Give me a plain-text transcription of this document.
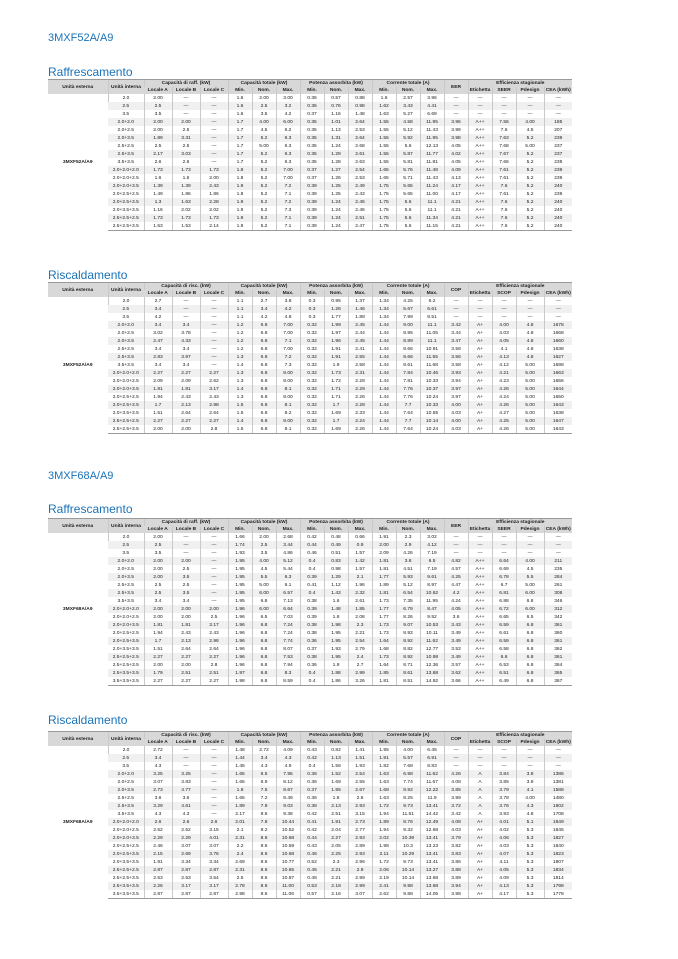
3MXF52A/A9
Raffrescamento
Unità esterna	Unità interna	Capacità di raff. (kW)			Capacità totale (kW)			Potenza assorbita (kW)			Corrente totale (A)			EER	Efficienza stagionale			
		Locale A	Locale B	Locale C	Min.	Nom.	Max.	Min.	Nom.	Max.	Min.	Nom.	Max.		Etichetta	SEER	Pdesign	CEA (kWh)
3MXF52A/A9	2.0	2.00	—	—	1.6	2.00	3.00	0.36	0.57	0.88	1.6	2.57	3.96	—	—	—	—	—
	2.5	2.5	—	—	1.6	2.5	3.2	0.36	0.76	0.98	1.62	3.43	4.41	—	—	—	—	—
	3.5	3.5	—	—	1.6	3.5	4.2	0.37	1.16	1.48	1.63	5.27	6.69	—	—	—	—	—
	2.0+2.0	2.00	2.00	—	1.7	4.00	6.00	0.35	1.01	2.64	1.55	4.58	11.95	3.96	A++	7.56	4.00	185
	2.0+2.5	2.00	2.5	—	1.7	4.5	6.2	0.35	1.13	2.53	1.55	5.12	11.43	3.99	A++	7.6	4.5	207
	2.0+3.5	1.89	3.31	—	1.7	5.2	6.3	0.35	1.31	2.64	1.55	5.92	11.95	3.98	A++	7.63	5.2	239
	2.5+2.5	2.5	2.5	—	1.7	5.00	6.3	0.35	1.24	2.68	1.55	5.6	12.13	4.05	A++	7.68	5.00	237
	2.5+3.5	2.17	3.03	—	1.7	5.2	6.3	0.35	1.29	2.61	1.55	5.87	11.77	4.02	A++	7.67	5.2	237
	3.5+3.5	2.6	2.6	—	1.7	5.2	6.3	0.35	1.28	2.63	1.55	5.81	11.81	4.05	A++	7.66	5.2	238
	2.0+2.0+2.0	1.73	1.73	1.73	1.8	5.2	7.00	0.37	1.27	2.54	1.65	5.76	11.48	4.09	A++	7.61	5.2	239
	2.0+2.0+2.5	1.6	1.6	2.00	1.8	5.2	7.00	0.37	1.26	2.53	1.65	5.71	11.43	4.13	A++	7.61	5.2	239
	2.0+2.0+3.5	1.39	1.39	2.43	1.9	5.2	7.2	0.39	1.25	2.49	1.75	5.65	11.24	4.17	A++	7.6	5.2	240
	2.0+2.5+2.5	1.49	1.86	1.86	1.8	5.2	7.1	0.39	1.25	2.43	1.75	5.65	11.00	4.17	A++	7.61	5.2	239
	2.0+2.5+3.5	1.3	1.63	2.28	1.9	5.2	7.2	0.39	1.24	2.46	1.75	5.6	11.1	4.21	A++	7.6	5.2	240
	2.0+3.5+3.5	1.16	2.02	2.02	1.9	5.2	7.3	0.39	1.24	2.46	1.75	5.6	11.1	4.21	A++	7.6	5.2	240
	2.5+2.5+2.5	1.73	1.73	1.73	1.9	5.2	7.1	0.39	1.24	2.51	1.75	5.6	11.34	4.21	A++	7.6	5.2	240
	2.5+2.5+3.5	1.53	1.53	2.14	1.9	5.2	7.1	0.39	1.24	2.47	1.75	5.6	11.15	4.21	A++	7.6	5.2	240
Riscaldamento
Unità esterna	Unità interna	Capacità di risc. (kW)			Capacità totale (kW)			Potenza assorbita (kW)			Corrente totale (A)			COP	Efficienza stagionale			
		Locale A	Locale B	Locale C	Min.	Nom.	Max.	Min.	Nom.	Max.	Min.	Nom.	Max.		Etichetta	SCOP	Pdesign	CEA (kWh)
3MXF52A/A9	2.0	2.7	—	—	1.1	2.7	3.8	0.3	0.95	1.37	1.34	4.25	6.2	—	—	—	—	—
	2.5	3.4	—	—	1.1	3.4	4.2	0.3	1.26	1.46	1.34	5.67	6.61	—	—	—	—	—
	3.5	4.2	—	—	1.1	4.2	4.8	0.3	1.77	1.88	1.34	7.99	8.51	—	—	—	—	—
	2.0+2.0	3.4	3.4	—	1.2	6.8	7.00	0.32	1.99	2.45	1.44	9.00	11.1	3.42	A+	4.00	4.8	1678
	2.0+2.5	3.02	3.78	—	1.2	6.8	7.00	0.32	1.97	2.44	1.44	8.95	11.05	3.44	A+	4.03	4.8	1668
	2.0+3.5	2.47	4.33	—	1.2	6.8	7.1	0.32	1.96	2.45	1.44	8.89	11.1	3.47	A+	4.05	4.8	1660
	2.5+2.5	3.4	3.4	—	1.2	6.8	7.00	0.32	1.91	2.41	1.44	8.66	10.91	3.56	A+	4.1	4.8	1638
	2.5+3.5	2.83	3.97	—	1.3	6.8	7.2	0.32	1.91	2.55	1.44	8.66	11.55	3.56	A+	4.13	4.8	1627
	3.5+3.5	3.4	3.4	—	1.4	6.8	7.3	0.32	1.9	2.58	1.44	8.61	11.68	3.58	A+	4.12	5.00	1698
	2.0+2.0+2.0	2.27	2.27	2.27	1.3	6.8	8.00	0.32	1.73	2.31	1.44	7.84	10.46	3.93	A+	4.21	5.00	1663
	2.0+2.0+2.5	2.09	2.09	2.62	1.3	6.8	8.00	0.32	1.72	2.28	1.44	7.81	10.33	3.94	A+	4.23	5.00	1656
	2.0+2.0+3.5	1.81	1.81	3.17	1.4	6.8	8.1	0.32	1.71	2.29	1.44	7.76	10.37	3.97	A+	4.26	5.00	1644
	2.0+2.5+2.5	1.94	2.43	2.43	1.3	6.8	8.00	0.32	1.71	2.26	1.44	7.76	10.24	3.97	A+	4.24	5.00	1650
	2.0+2.5+3.5	1.7	2.13	2.98	1.5	6.8	8.1	0.32	1.7	2.28	1.44	7.7	10.33	4.00	A+	4.26	5.00	1643
	2.0+3.5+3.5	1.51	2.64	2.64	1.5	6.8	8.2	0.32	1.69	2.33	1.44	7.64	10.55	4.03	A+	4.27	5.00	1638
	2.5+2.5+2.5	2.27	2.27	2.27	1.4	6.8	8.00	0.32	1.7	2.24	1.44	7.7	10.14	4.00	A+	4.25	5.00	1647
	2.5+2.5+3.5	2.00	2.00	2.8	1.5	6.8	8.1	0.32	1.69	2.26	1.44	7.64	10.24	4.03	A+	4.26	5.00	1643
3MXF68A/A9
Raffrescamento
Unità esterna	Unità interna	Capacità di raff. (kW)			Capacità totale (kW)			Potenza assorbita (kW)			Corrente totale (A)			EER	Efficienza stagionale			
		Locale A	Locale B	Locale C	Min.	Nom.	Max.	Min.	Nom.	Max.	Min.	Nom.	Max.		Etichetta	SEER	Pdesign	CEA (kWh)
3MXF68A/A9	2.0	2.00	—	—	1.66	2.00	2.68	0.42	0.48	0.66	1.91	2.3	3.02	—	—	—	—	—
	2.5	2.5	—	—	1.74	2.5	3.44	0.44	0.49	0.9	2.00	2.9	4.12	—	—	—	—	—
	3.5	3.5	—	—	1.93	3.5	4.86	0.46	0.51	1.57	2.09	4.26	7.19	—	—	—	—	—
	2.0+2.0	2.00	2.00	—	1.95	4.00	5.12	0.4	0.83	1.42	1.81	3.8	6.5	4.82	A++	6.64	4.00	211
	2.0+2.5	2.00	2.5	—	1.95	4.5	5.44	0.4	0.98	1.57	1.81	4.51	7.19	4.57	A++	6.69	4.5	235
	2.0+3.5	2.00	3.5	—	1.95	5.5	6.3	0.39	1.29	2.1	1.77	5.93	9.61	4.25	A++	6.78	5.5	284
	2.5+2.5	2.5	2.5	—	1.95	5.00	6.1	0.41	1.12	1.96	1.89	5.12	8.97	4.47	A++	6.7	5.00	261
	2.5+3.5	2.5	3.5	—	1.95	6.00	6.57	0.4	1.43	2.32	1.81	6.54	10.62	4.2	A++	6.81	6.00	308
	3.5+3.5	3.4	3.4	—	1.95	6.8	7.13	0.38	1.6	2.61	1.73	7.35	11.95	4.24	A++	6.88	6.8	346
	2.0+2.0+2.0	2.00	2.00	2.00	1.96	6.00	6.64	0.39	1.48	1.85	1.77	6.79	8.47	4.05	A++	6.72	6.00	312
	2.0+2.0+2.5	2.00	2.00	2.5	1.96	6.5	7.03	0.39	1.8	2.08	1.77	8.26	9.52	3.6	A++	6.65	6.5	342
	2.0+2.0+3.5	1.81	1.81	3.17	1.96	6.8	7.24	0.38	1.98	2.3	1.73	9.07	10.53	3.43	A++	6.59	6.8	361
	2.0+2.5+2.5	1.94	2.43	2.43	1.96	6.8	7.24	0.38	1.95	2.21	1.73	8.93	10.11	3.49	A++	6.61	6.8	360
	2.0+2.5+3.5	1.7	2.13	2.98	1.96	6.8	7.74	0.36	1.95	2.54	1.64	8.92	11.62	3.49	A++	6.59	6.8	361
	2.0+3.5+3.5	1.51	2.64	2.64	1.96	6.8	8.07	0.37	1.93	2.79	1.68	8.82	12.77	3.53	A++	6.58	6.8	362
	2.5+2.5+2.5	2.27	2.27	2.27	1.96	6.8	7.53	0.38	1.95	2.4	1.73	8.92	10.98	3.49	A++	6.6	6.8	361
	2.5+2.5+3.5	2.00	2.00	2.8	1.96	6.8	7.94	0.36	1.9	2.7	1.64	8.71	12.36	3.57	A++	6.53	6.8	364
	2.5+3.5+3.5	1.79	2.51	2.51	1.97	6.8	8.3	0.4	1.88	2.99	1.85	8.61	13.68	3.62	A++	6.51	6.8	365
	3.5+3.5+3.5	2.27	2.27	2.27	1.98	6.8	8.59	0.4	1.86	3.26	1.81	8.51	14.92	3.66	A++	6.49	6.8	367
Riscaldamento
Unità esterna	Unità interna	Capacità di risc. (kW)			Capacità totale (kW)			Potenza assorbita (kW)			Corrente totale (A)			COP	Efficienza stagionale			
		Locale A	Locale B	Locale C	Min.	Nom.	Max.	Min.	Nom.	Max.	Min.	Nom.	Max.		Etichetta	SCOP	Pdesign	CEA (kWh)
3MXF68A/A9	2.0	2.72	—	—	1.48	2.72	4.09	0.43	0.82	1.41	1.95	4.00	6.45	—	—	—	—	—
	2.5	3.4	—	—	1.44	3.4	4.3	0.42	1.13	1.51	1.91	5.57	6.91	—	—	—	—	—
	3.5	4.3	—	—	1.45	4.3	4.9	0.4	1.56	1.93	1.82	7.68	8.83	—	—	—	—	—
	2.0+2.0	3.25	3.25	—	1.65	6.5	7.95	0.36	1.52	2.54	1.63	6.98	11.62	4.26	A	3.84	3.8	1386
	2.0+2.5	3.07	3.83	—	1.65	6.9	8.12	0.36	1.69	2.55	1.63	7.74	11.67	4.08	A	3.85	3.8	1381
	2.0+3.5	2.73	4.77	—	1.8	7.5	8.67	0.37	1.95	2.67	1.68	8.92	12.22	3.85	A	3.79	4.1	1588
	2.5+2.5	3.6	3.6	—	1.65	7.2	8.49	0.36	1.8	2.6	1.63	8.25	11.9	3.99	A	3.78	4.00	1480
	2.5+3.5	3.29	4.61	—	1.89	7.9	9.03	0.38	2.13	2.93	1.72	9.73	13.41	3.72	A	3.76	4.3	1602
	3.5+3.5	4.3	4.3	—	2.17	8.6	9.38	0.42	2.51	3.15	1.94	11.51	14.42	3.42	A	3.93	4.8	1708
	2.0+2.0+2.0	2.6	2.6	2.6	2.01	7.8	10.44	0.41	1.91	2.73	1.89	8.76	12.49	4.08	A+	4.01	5.1	1849
	2.0+2.0+2.5	2.52	2.52	3.15	2.1	8.2	10.52	0.42	2.04	2.77	1.94	9.32	12.68	4.03	A+	4.02	5.3	1845
	2.0+2.0+3.5	2.29	2.29	4.01	2.31	8.6	10.68	0.44	2.27	2.93	2.02	10.39	13.41	3.79	A+	4.06	5.3	1827
	2.0+2.5+2.5	2.46	3.07	3.07	2.2	8.6	10.59	0.43	2.05	2.89	1.98	10.3	13.23	3.82	A+	4.03	5.3	1840
	2.0+2.5+3.5	2.15	2.69	3.76	2.4	8.6	10.68	0.46	2.25	2.93	2.11	10.29	13.41	3.83	A+	4.07	5.3	1823
	2.0+3.5+3.5	1.91	3.34	3.34	2.69	8.6	10.77	0.52	2.3	2.96	1.72	9.73	13.41	3.86	A+	4.11	5.3	1807
	2.5+2.5+2.5	2.87	2.87	2.87	2.31	8.6	10.65	0.45	2.21	2.9	2.06	10.14	13.27	3.88	A+	4.05	5.3	1834
	2.5+2.5+3.5	2.53	2.53	3.54	2.5	8.6	10.87	0.48	2.21	2.99	2.19	10.14	13.68	3.89	A+	4.09	5.3	1814
	2.5+3.5+3.5	2.26	3.17	3.17	2.78	8.6	11.00	0.53	2.18	2.99	2.41	9.98	13.68	3.94	A+	4.13	5.3	1798
	3.5+3.5+3.5	2.87	2.87	2.87	2.98	8.6	11.06	0.57	2.16	3.07	2.62	9.88	14.05	3.98	A+	4.17	5.3	1778
